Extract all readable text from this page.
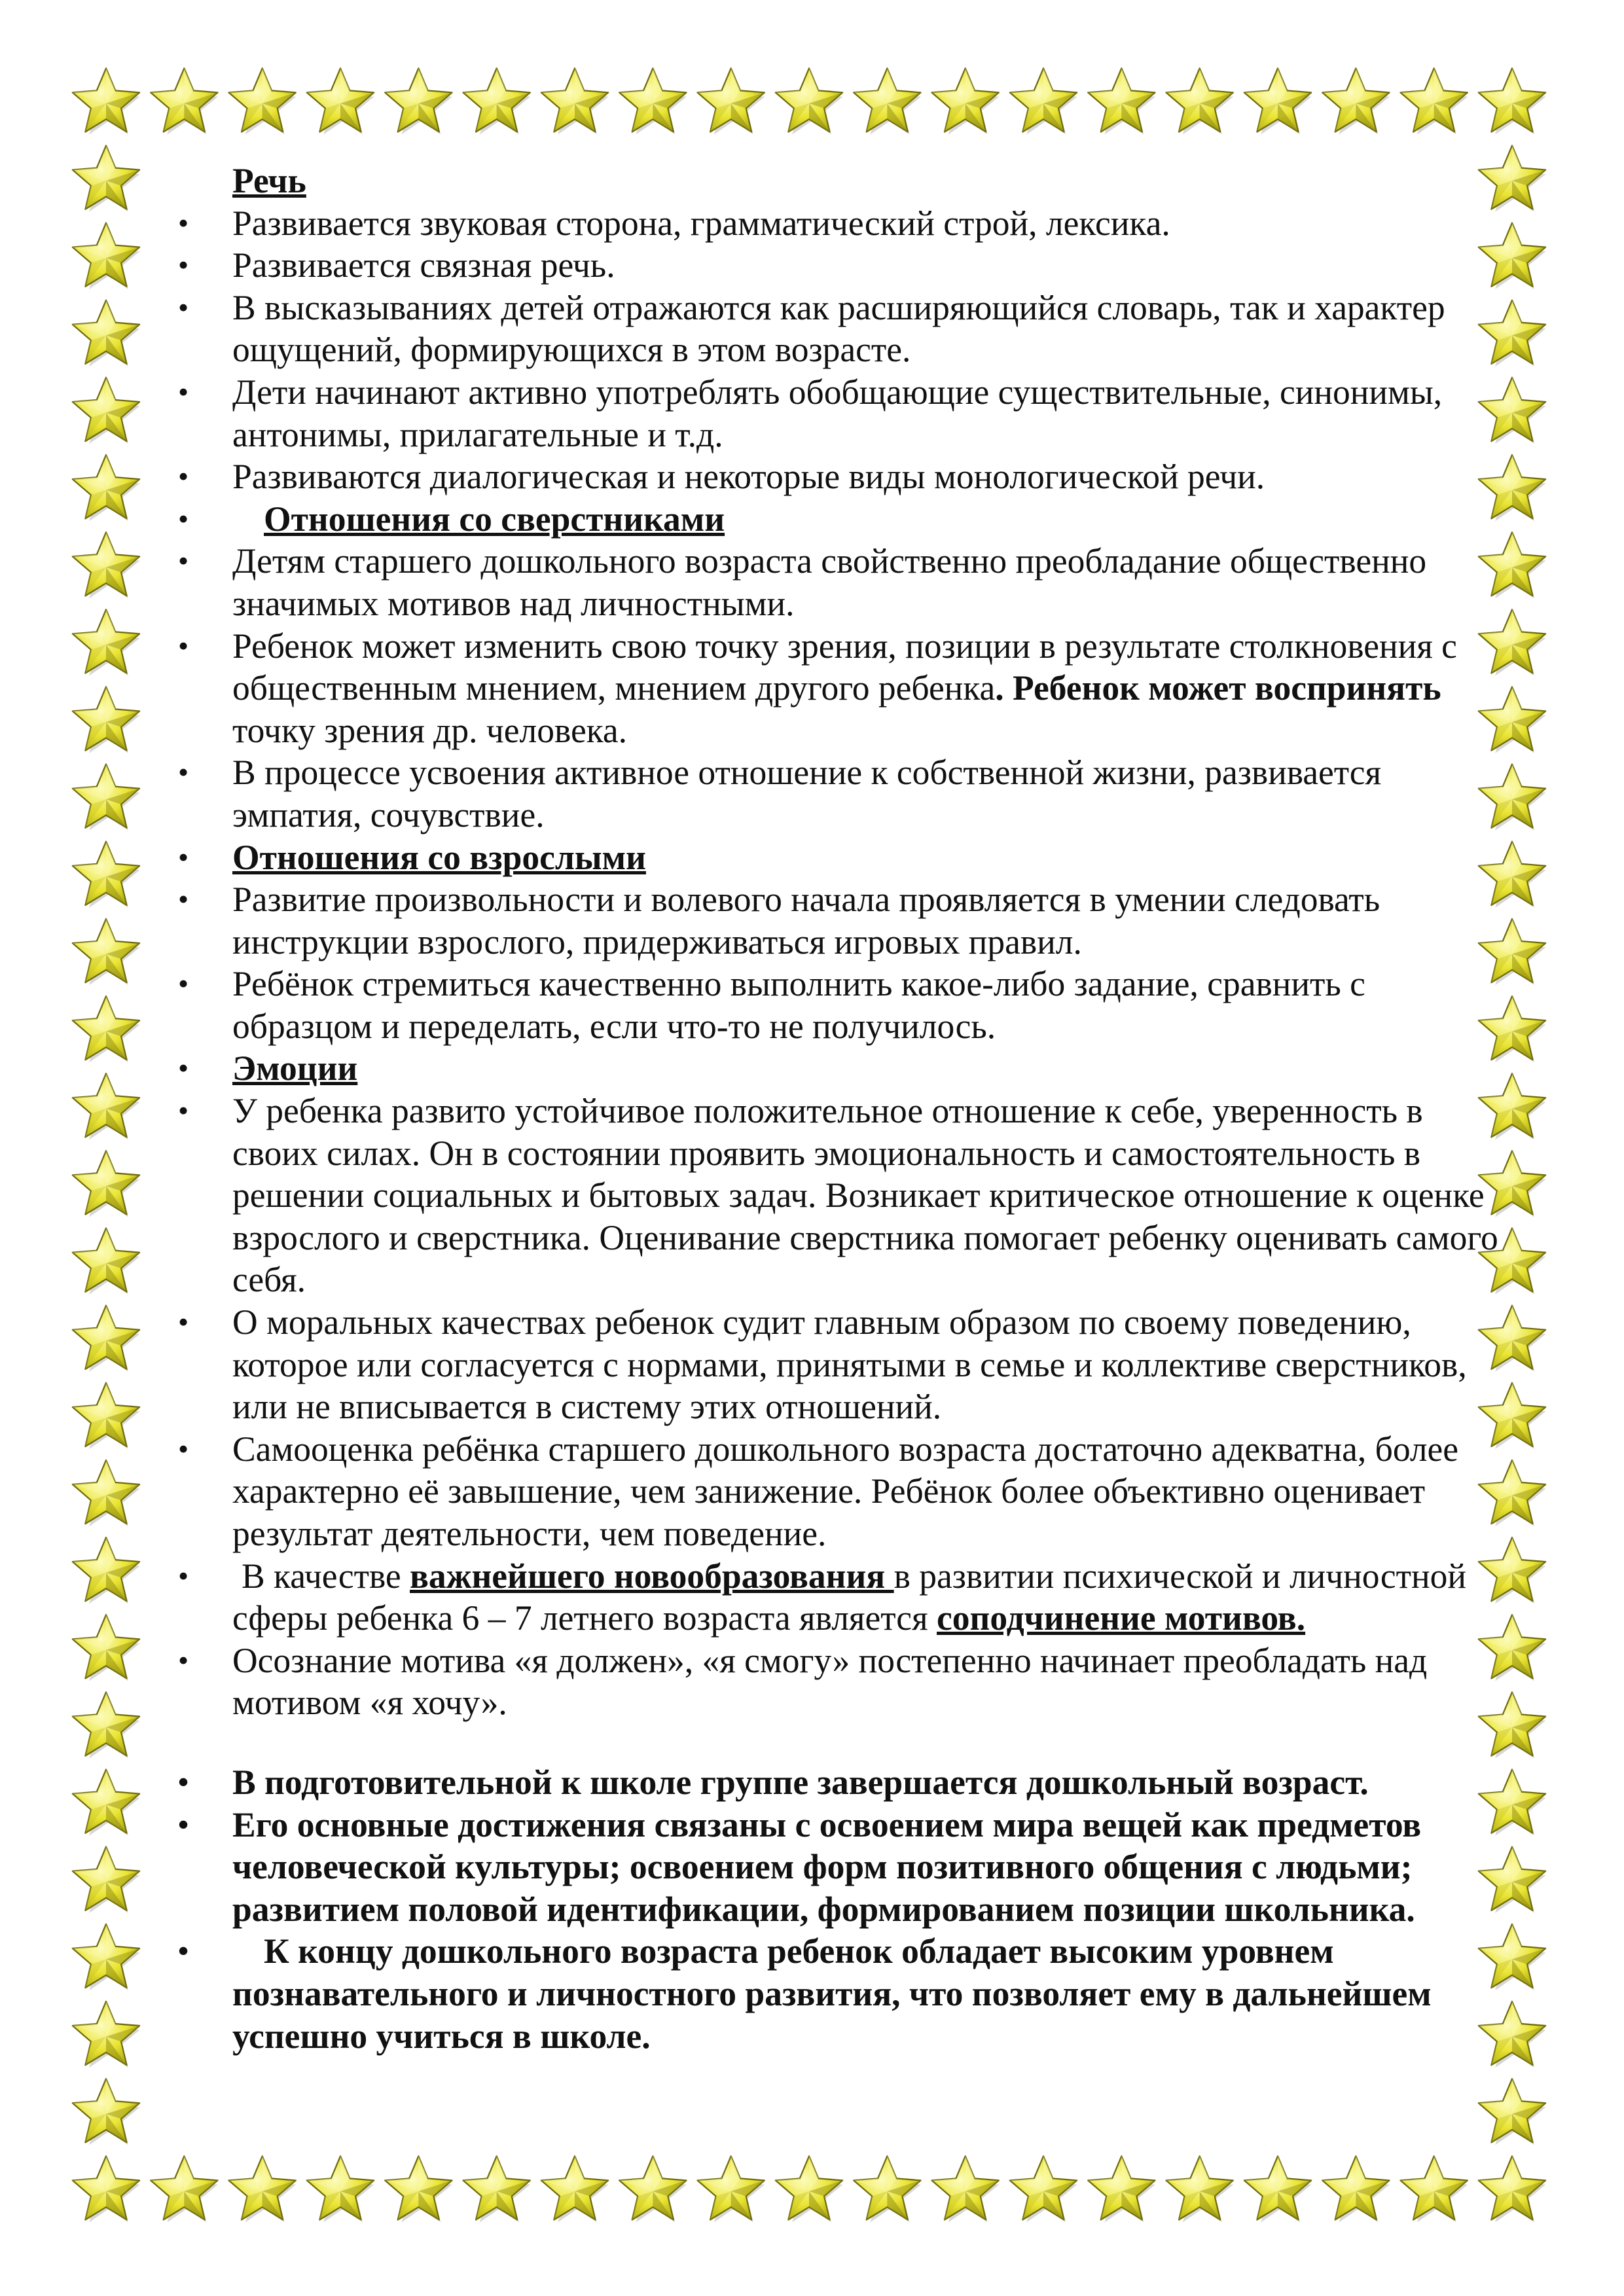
Речь

• Развивается звуковая сторона, грамматический строй, лексика.
• Развивается связная речь.
• В высказываниях детей отражаются как расширяющийся словарь, так и характер ощущений, формирующихся в этом возрасте.
• Дети начинают активно употреблять обобщающие существительные, синонимы, антонимы, прилагательные и т.д.
• Развиваются диалогическая и некоторые виды монологической речи.
• Отношения со сверстниками
• Детям старшего дошкольного возраста свойственно преобладание общественно значимых мотивов над личностными.
• Ребенок может изменить свою точку зрения, позиции в результате столкновения с общественным мнением, мнением другого ребенка. Ребенок может воспринять точку зрения др. человека.
• В процессе усвоения активное отношение к собственной жизни, развивается эмпатия, сочувствие.
• Отношения со взрослыми
• Развитие произвольности и волевого начала проявляется в умении следовать инструкции взрослого, придерживаться игровых правил.
• Ребёнок стремиться качественно выполнить какое-либо задание, сравнить с образцом и переделать, если что-то не получилось.
• Эмоции
• У ребенка развито устойчивое положительное отношение к себе, уверенность в своих силах. Он в состоянии проявить эмоциональность и самостоятельность в решении социальных и бытовых задач. Возникает критическое отношение к оценке взрослого и сверстника. Оценивание сверстника помогает ребенку оценивать самого себя.
• О моральных качествах ребенок судит главным образом по своему поведению, которое или согласуется с нормами, принятыми в семье и коллективе сверстников, или не вписывается в систему этих отношений.
• Самооценка ребёнка старшего дошкольного возраста достаточно адекватна, более характерно её завышение, чем занижение. Ребёнок более объективно оценивает результат деятельности, чем поведение.
• В качестве важнейшего новообразования в развитии психической и личностной сферы ребенка 6 – 7 летнего возраста является соподчинение мотивов.
• Осознание мотива «я должен», «я смогу» постепенно начинает преобладать над мотивом «я хочу».
• В подготовительной к школе группе завершается дошкольный возраст.
• Его основные достижения связаны с освоением мира вещей как предметов человеческой культуры; освоением форм позитивного общения с людьми; развитием половой идентификации, формированием позиции школьника.
• К концу дошкольного возраста ребенок обладает высоким уровнем познавательного и личностного развития, что позволяет ему в дальнейшем успешно учиться в школе.
